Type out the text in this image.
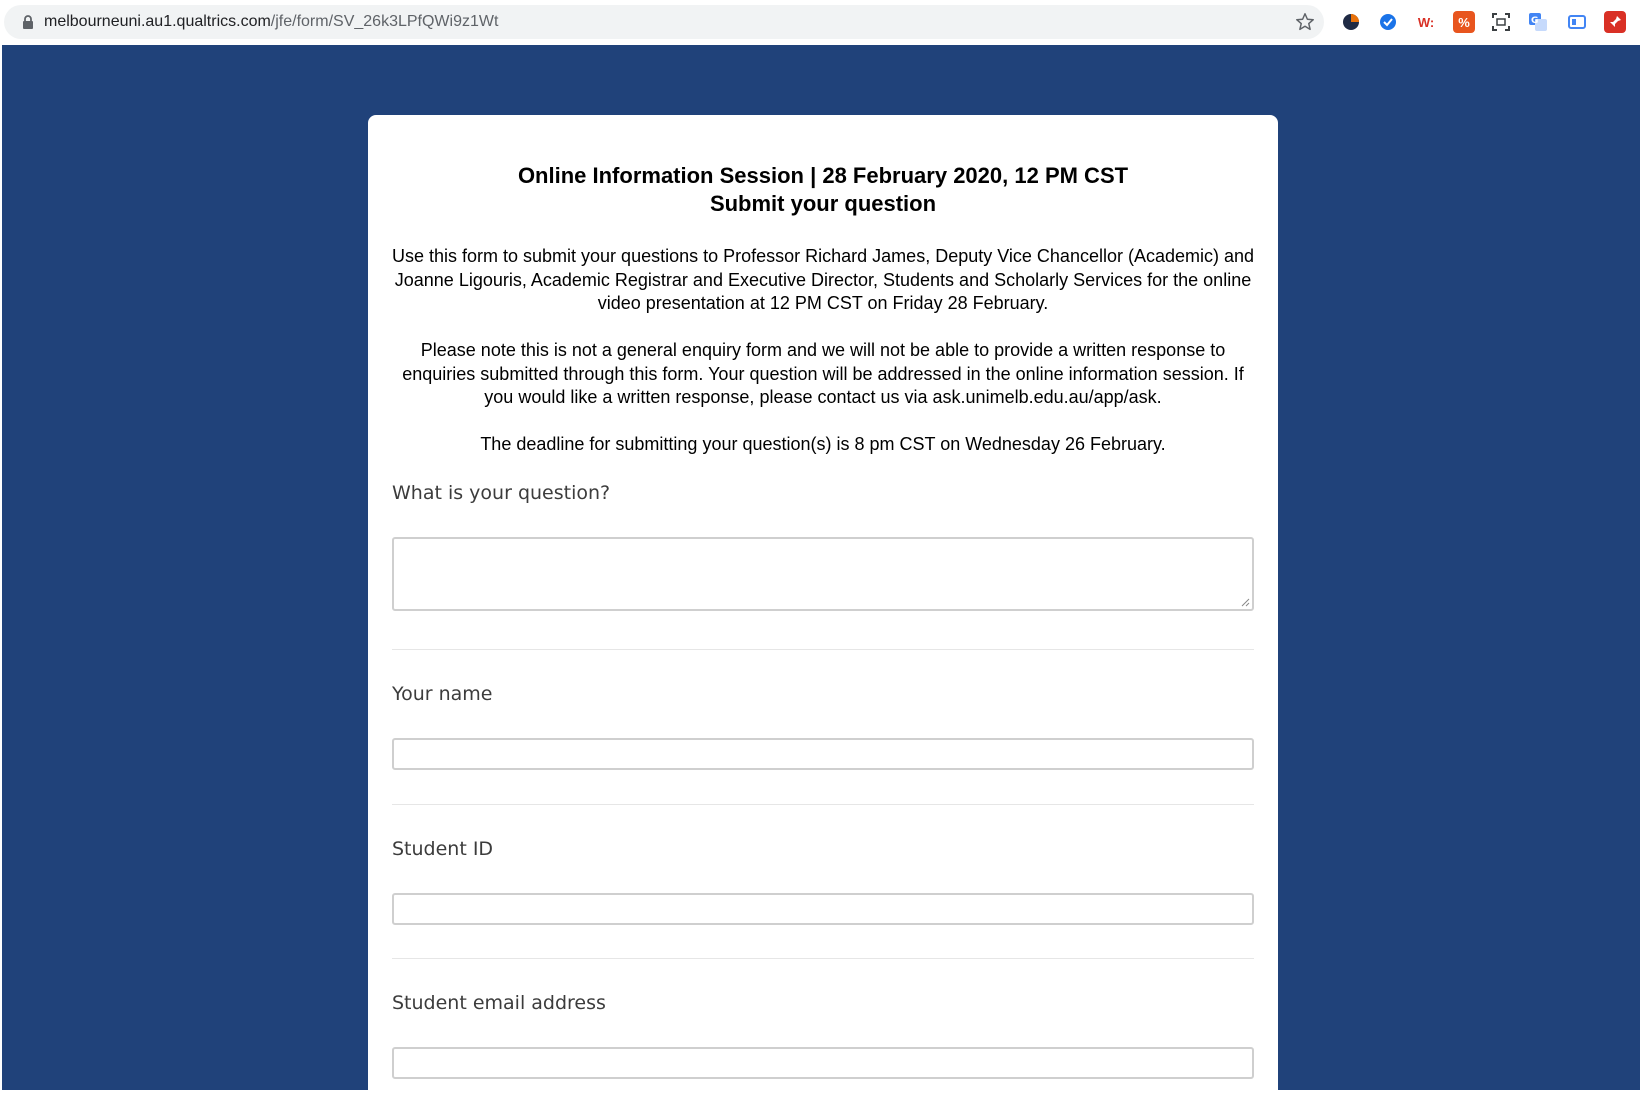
melbourneuni.au1.qualtrics.com/jfe/form/SV_26k3LPfQWi9z1Wt	W:	%	G
Online Information Session | 28 February 2020, 12 PM CST
Submit your question
Use this form to submit your questions to Professor Richard James, Deputy Vice Chancellor (Academic) and
Joanne Ligouris, Academic Registrar and Executive Director, Students and Scholarly Services for the online
video presentation at 12 PM CST on Friday 28 February.
Please note this is not a general enquiry form and we will not be able to provide a written response to
enquiries submitted through this form. Your question will be addressed in the online information session. If
you would like a written response, please contact us via ask.unimelb.edu.au/app/ask.
The deadline for submitting your question(s) is 8 pm CST on Wednesday 26 February.
What is your question?
Your name
Student ID
Student email address
